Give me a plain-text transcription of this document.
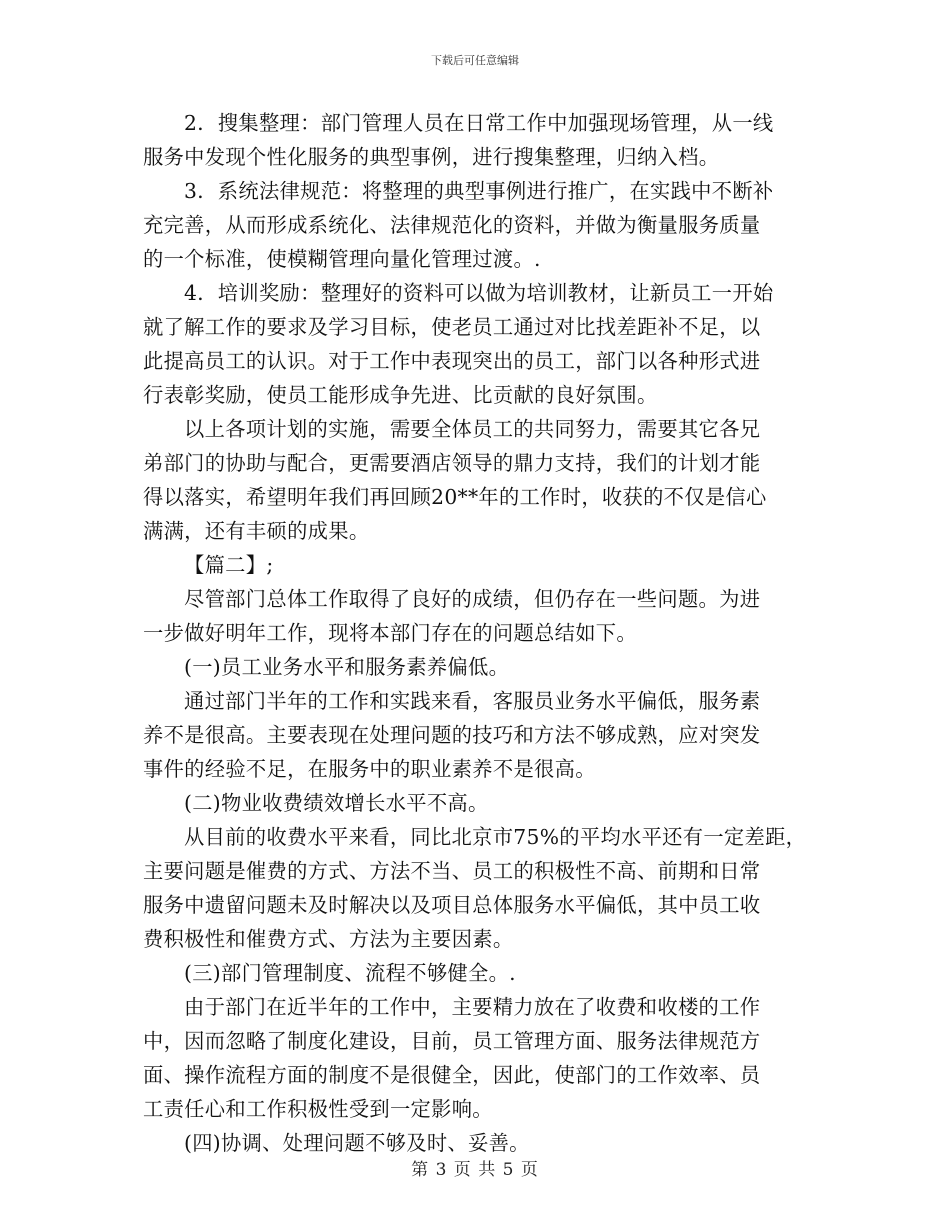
下载后可任意编辑
2．搜集整理：部门管理人员在日常工作中加强现场管理，从一线
服务中发现个性化服务的典型事例，进行搜集整理，归纳入档。
3．系统法律规范：将整理的典型事例进行推广，在实践中不断补
充完善，从而形成系统化、法律规范化的资料，并做为衡量服务质量
的一个标准，使模糊管理向量化管理过渡。.
4．培训奖励：整理好的资料可以做为培训教材，让新员工一开始
就了解工作的要求及学习目标，使老员工通过对比找差距补不足，以
此提高员工的认识。对于工作中表现突出的员工，部门以各种形式进
行表彰奖励，使员工能形成争先进、比贡献的良好氛围。
以上各项计划的实施，需要全体员工的共同努力，需要其它各兄
弟部门的协助与配合，更需要酒店领导的鼎力支持，我们的计划才能
得以落实，希望明年我们再回顾20**年的工作时，收获的不仅是信心
满满，还有丰硕的成果。
【篇二】;
尽管部门总体工作取得了良好的成绩，但仍存在一些问题。为进
一步做好明年工作，现将本部门存在的问题总结如下。
(一)员工业务水平和服务素养偏低。
通过部门半年的工作和实践来看，客服员业务水平偏低，服务素
养不是很高。主要表现在处理问题的技巧和方法不够成熟，应对突发
事件的经验不足，在服务中的职业素养不是很高。
(二)物业收费绩效增长水平不高。
从目前的收费水平来看，同比北京市75%的平均水平还有一定差距，
主要问题是催费的方式、方法不当、员工的积极性不高、前期和日常
服务中遗留问题未及时解决以及项目总体服务水平偏低，其中员工收
费积极性和催费方式、方法为主要因素。
(三)部门管理制度、流程不够健全。.
由于部门在近半年的工作中，主要精力放在了收费和收楼的工作
中，因而忽略了制度化建设，目前，员工管理方面、服务法律规范方
面、操作流程方面的制度不是很健全，因此，使部门的工作效率、员
工责任心和工作积极性受到一定影响。
(四)协调、处理问题不够及时、妥善。
第 3 页 共 5 页
